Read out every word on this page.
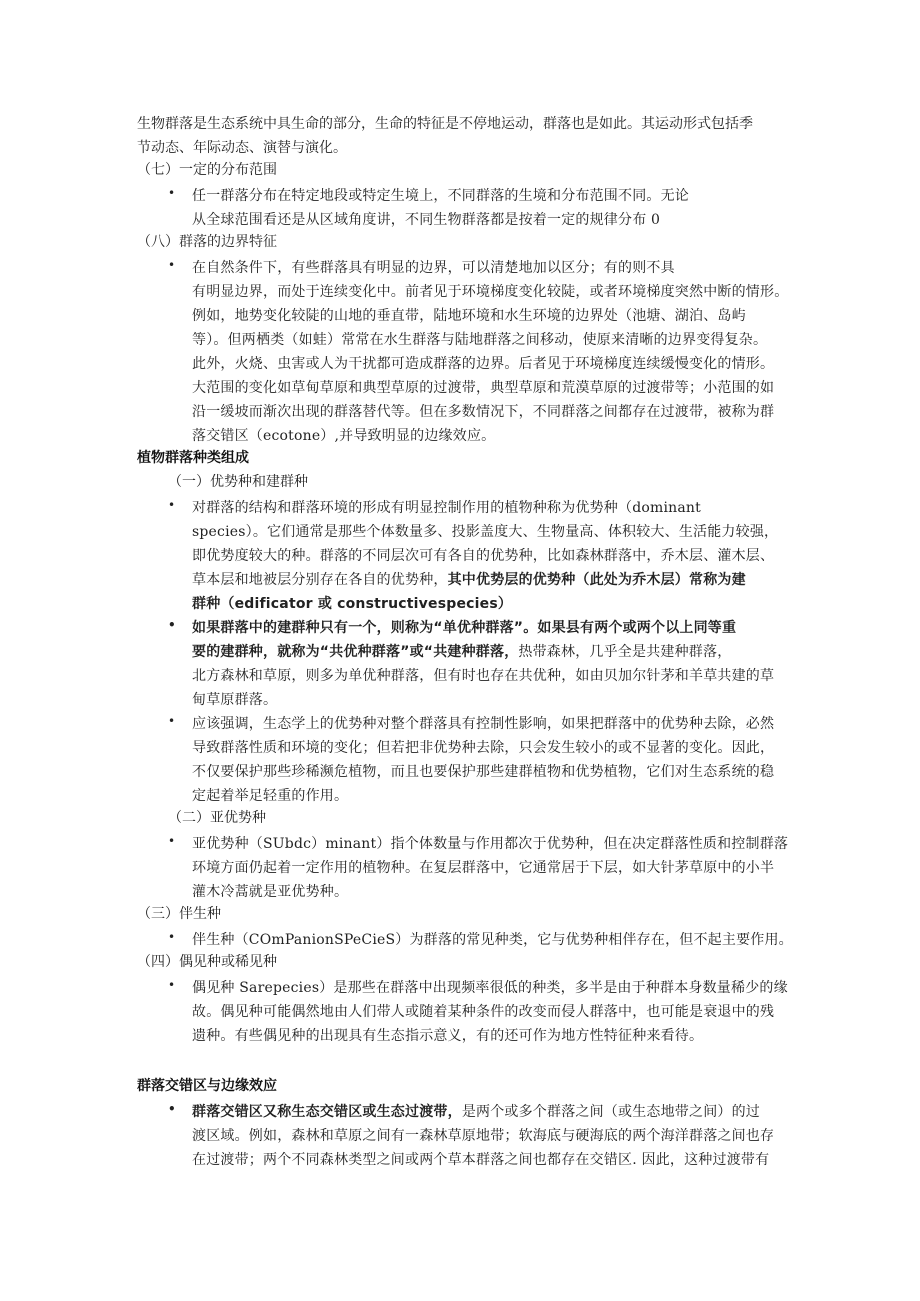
生物群落是生态系统中具生命的部分，生命的特征是不停地运动，群落也是如此。其运动形式包括季
节动态、年际动态、演替与演化。
（七）一定的分布范围
•	任一群落分布在特定地段或特定生境上，不同群落的生境和分布范围不同。无论
从全球范围看还是从区域角度讲，不同生物群落都是按着一定的规律分布 0
（八）群落的边界特征
•	在自然条件下，有些群落具有明显的边界，可以清楚地加以区分；有的则不具
有明显边界，而处于连续变化中。前者见于环境梯度变化较陡，或者环境梯度突然中断的情形。
例如，地势变化较陡的山地的垂直带，陆地环境和水生环境的边界处（池塘、湖泊、岛屿
等）。但两栖类（如蛙）常常在水生群落与陆地群落之间移动，使原来清晰的边界变得复杂。
此外，火烧、虫害或人为干扰都可造成群落的边界。后者见于环境梯度连续缓慢变化的情形。
大范围的变化如草甸草原和典型草原的过渡带，典型草原和荒漠草原的过渡带等；小范围的如
沿一缓坡而渐次出现的群落替代等。但在多数情况下，不同群落之间都存在过渡带，被称为群
落交错区（ecotone）,并导致明显的边缘效应。
植物群落种类组成
（一）优势种和建群种
•	对群落的结构和群落环境的形成有明显控制作用的植物种称为优势种（dominant
species）。它们通常是那些个体数量多、投影盖度大、生物量高、体积较大、生活能力较强，
即优势度较大的种。群落的不同层次可有各自的优势种，比如森林群落中，乔木层、灌木层、
草本层和地被层分别存在各自的优势种，其中优势层的优势种（此处为乔木层）常称为建
群种（edificator 或 constructivespecies）
•	如果群落中的建群种只有一个，则称为“单优种群落”。如果县有两个或两个以上同等重
要的建群种，就称为“共优种群落”或“共建种群落，热带森林，几乎全是共建种群落，
北方森林和草原，则多为单优种群落，但有时也存在共优种，如由贝加尔针茅和羊草共建的草
甸草原群落。
•	应该强调，生态学上的优势种对整个群落具有控制性影响，如果把群落中的优势种去除，必然
导致群落性质和环境的变化；但若把非优势种去除，只会发生较小的或不显著的变化。因此，
不仅要保护那些珍稀濒危植物，而且也要保护那些建群植物和优势植物，它们对生态系统的稳
定起着举足轻重的作用。
（二）亚优势种
•	亚优势种（SUbdc）minant）指个体数量与作用都次于优势种，但在决定群落性质和控制群落
环境方面仍起着一定作用的植物种。在复层群落中，它通常居于下层，如大针茅草原中的小半
灌木冷蒿就是亚优势种。
（三）伴生种
•	伴生种（COmPanionSPeCieS）为群落的常见种类，它与优势种相伴存在，但不起主要作用。
（四）偶见种或稀见种
•	偶见种 Sarepecies）是那些在群落中出现频率很低的种类，多半是由于种群本身数量稀少的缘
故。偶见种可能偶然地由人们带人或随着某种条件的改变而侵人群落中，也可能是衰退中的残
遗种。有些偶见种的出现具有生态指示意义，有的还可作为地方性特征种来看待。
群落交错区与边缘效应
•	群落交错区又称生态交错区或生态过渡带，是两个或多个群落之间（或生态地带之间）的过
渡区域。例如，森林和草原之间有一森林草原地带；软海底与硬海底的两个海洋群落之间也存
在过渡带；两个不同森林类型之间或两个草本群落之间也都存在交错区. 因此，这种过渡带有
